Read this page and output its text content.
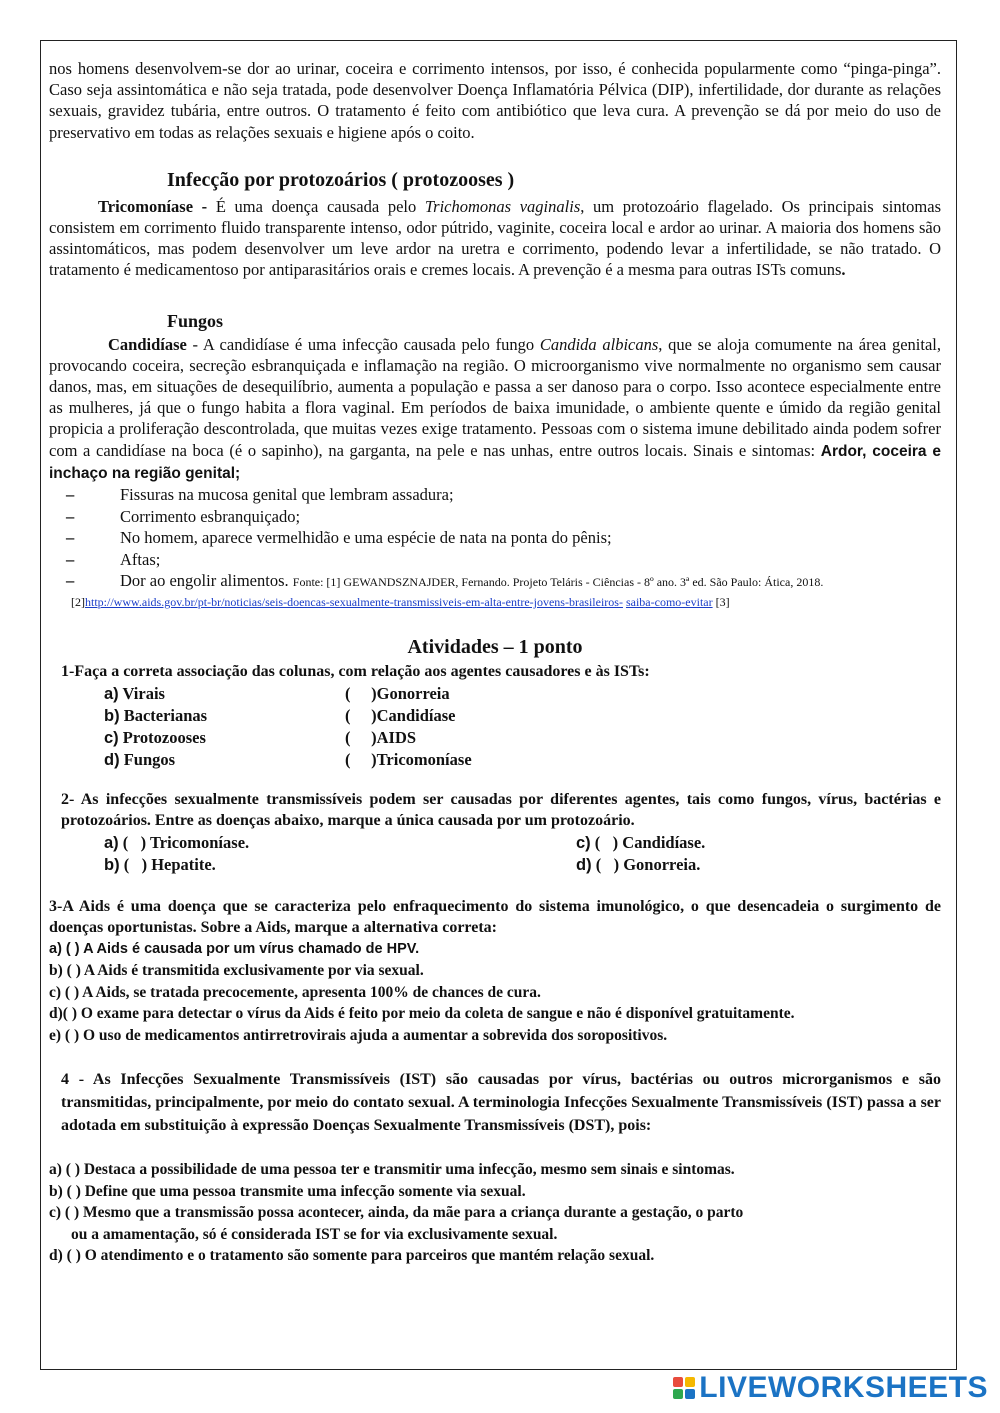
nos homens desenvolvem-se dor ao urinar, coceira e corrimento intensos, por isso, é conhecida popularmente como “pinga-pinga”. Caso seja assintomática e não seja tratada, pode desenvolver Doença Inflamatória Pélvica (DIP), infertilidade, dor durante as relações sexuais, gravidez tubária, entre outros. O tratamento é feito com antibiótico que leva cura. A prevenção se dá por meio do uso de preservativo em todas as relações sexuais e higiene após o coito.

Infecção por protozoários ( protozooses )

Tricomoníase - É uma doença causada pelo Trichomonas vaginalis, um protozoário flagelado. Os principais sintomas consistem em corrimento fluido transparente intenso, odor pútrido, vaginite, coceira local e ardor ao urinar. A maioria dos homens são assintomáticos, mas podem desenvolver um leve ardor na uretra e corrimento, podendo levar a infertilidade, se não tratado. O tratamento é medicamentoso por antiparasitários orais e cremes locais. A prevenção é a mesma para outras ISTs comuns.

Fungos

Candidíase - A candidíase é uma infecção causada pelo fungo Candida albicans, que se aloja comumente na área genital, provocando coceira, secreção esbranquiçada e inflamação na região. O microorganismo vive normalmente no organismo sem causar danos, mas, em situações de desequilíbrio, aumenta a população e passa a ser danoso para o corpo. Isso acontece especialmente entre as mulheres, já que o fungo habita a flora vaginal. Em períodos de baixa imunidade, o ambiente quente e úmido da região genital propicia a proliferação descontrolada, que muitas vezes exige tratamento. Pessoas com o sistema imune debilitado ainda podem sofrer com a candidíase na boca (é o sapinho), na garganta, na pele e nas unhas, entre outros locais. Sinais e sintomas: Ardor, coceira e inchaço na região genital;

–	Fissuras na mucosa genital que lembram assadura;
–	Corrimento esbranquiçado;
–	No homem, aparece vermelhidão e uma espécie de nata na ponta do pênis;
–	Aftas;
–	Dor ao engolir alimentos. Fonte: [1] GEWANDSZNAJDER, Fernando. Projeto Teláris - Ciências - 8º ano. 3ª ed. São Paulo: Ática, 2018.

[2]http://www.aids.gov.br/pt-br/noticias/seis-doencas-sexualmente-transmissiveis-em-alta-entre-jovens-brasileiros- saiba-como-evitar [3]

Atividades – 1 ponto

1-Faça a correta associação das colunas, com relação aos agentes causadores e às ISTs:

a) Virais	(     ) Gonorreia
b) Bacterianas	(     ) Candidíase
c) Protozooses	(     ) AIDS
d) Fungos	(     ) Tricomoníase

2- As infecções sexualmente transmissíveis podem ser causadas por diferentes agentes, tais como fungos, vírus, bactérias e protozoários. Entre as doenças abaixo, marque a única causada por um protozoário.

a) (   ) Tricomoníase.	c) (   ) Candidíase.
b) (   ) Hepatite.	d) (   ) Gonorreia.

3-A Aids é uma doença que se caracteriza pelo enfraquecimento do sistema imunológico, o que desencadeia o surgimento de doenças oportunistas. Sobre a Aids, marque a alternativa correta:

a) ( ) A Aids é causada por um vírus chamado de HPV.

b) ( ) A Aids é transmitida exclusivamente por via sexual.

c) ( ) A Aids, se tratada precocemente, apresenta 100% de chances de cura.

d)( ) O exame para detectar o vírus da Aids é feito por meio da coleta de sangue e não é disponível gratuitamente.

e) ( ) O uso de medicamentos antirretrovirais ajuda a aumentar a sobrevida dos soropositivos.

4 - As Infecções Sexualmente Transmissíveis (IST) são causadas por vírus, bactérias ou outros microrganismos e são transmitidas, principalmente, por meio do contato sexual. A terminologia Infecções Sexualmente Transmissíveis (IST) passa a ser adotada em substituição à expressão Doenças Sexualmente Transmissíveis (DST), pois:

a) ( ) Destaca a possibilidade de uma pessoa ter e transmitir uma infecção, mesmo sem sinais e sintomas.

b) ( ) Define que uma pessoa transmite uma infecção somente via sexual.

c) ( ) Mesmo que a transmissão possa acontecer, ainda, da mãe para a criança durante a gestação, o parto

ou a amamentação, só é considerada IST se for via exclusivamente sexual.

d) ( ) O atendimento e o tratamento são somente para parceiros que mantém relação sexual.

LIVEWORKSHEETS
